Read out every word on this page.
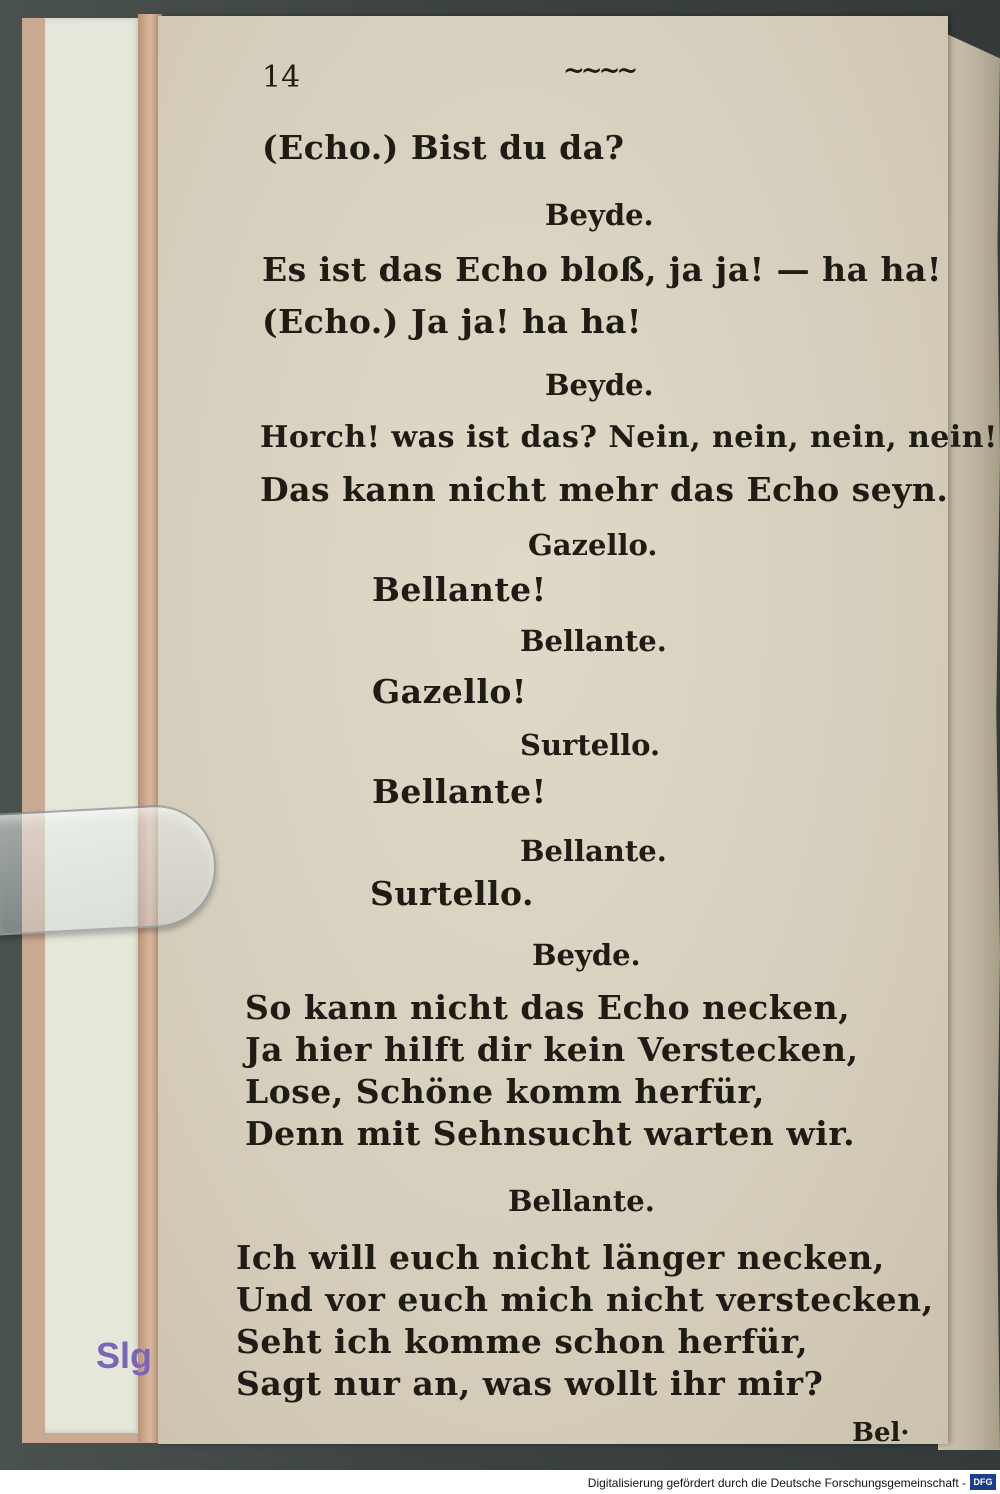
14	~~~~
(Echo.) Bist du da?
Beyde.
Es ist das Echo bloß, ja ja! — ha ha!
(Echo.) Ja ja! ha ha!
Beyde.
Horch! was ist das? Nein, nein, nein, nein!
Das kann nicht mehr das Echo seyn.
Gazello.
Bellante!
Bellante.
Gazello!
Surtello.
Bellante!
Bellante.
Surtello.
Beyde.
So kann nicht das Echo necken,
Ja hier hilft dir kein Verstecken,
Lose, Schöne komm herfür,
Denn mit Sehnsucht warten wir.
Bellante.
Ich will euch nicht länger necken,
Und vor euch mich nicht verstecken,
Seht ich komme schon herfür,
Sagt nur an, was wollt ihr mir?
Bel·
Slg
Digitalisierung gefördert durch die Deutsche Forschungsgemeinschaft - DFG
